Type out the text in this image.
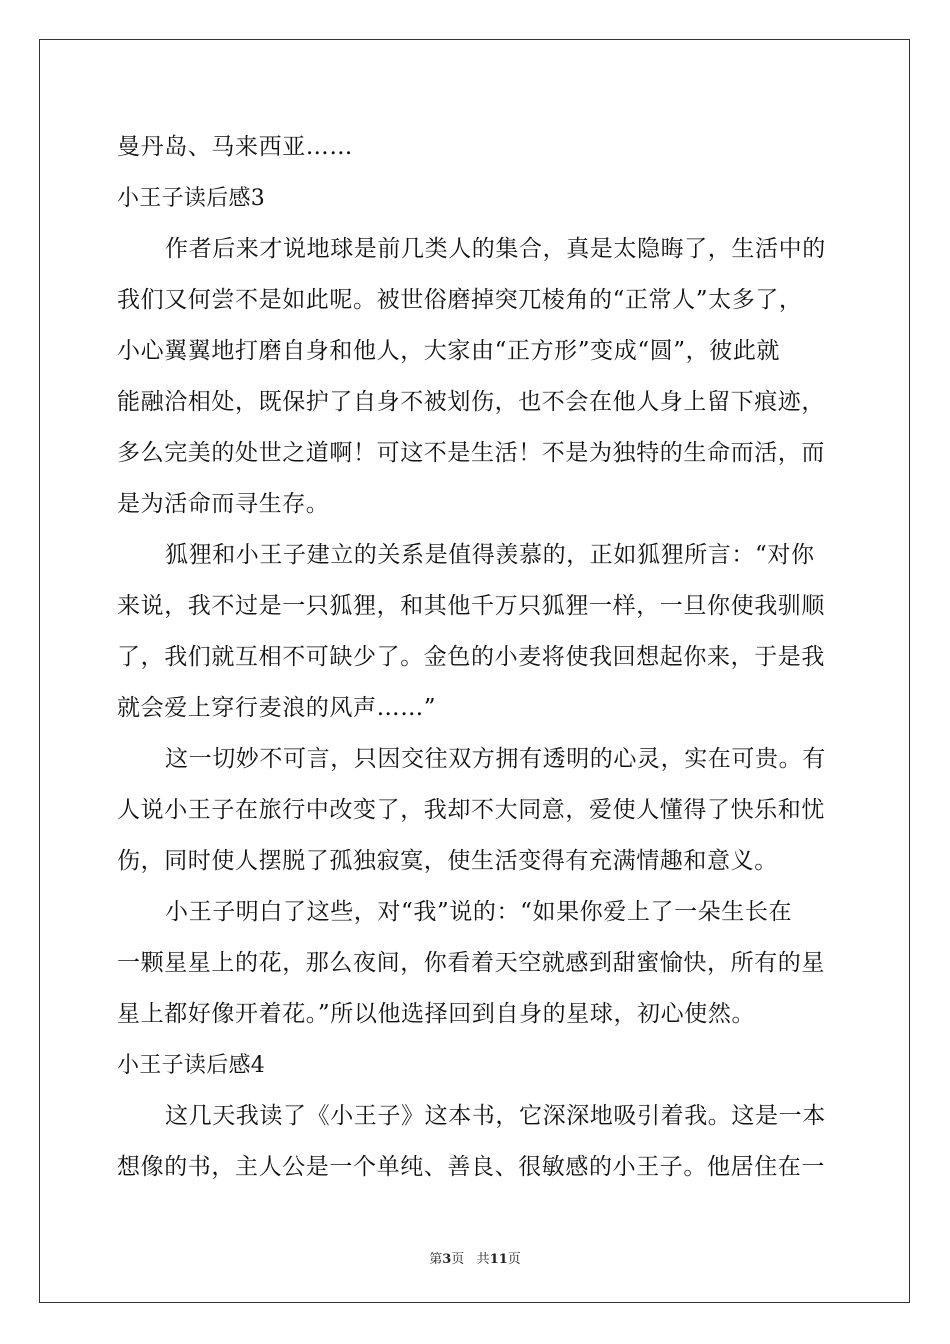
曼丹岛、马来西亚……
小王子读后感3
作者后来才说地球是前几类人的集合，真是太隐晦了，生活中的
我们又何尝不是如此呢。被世俗磨掉突兀棱角的“正常人”太多了，
小心翼翼地打磨自身和他人，大家由“正方形”变成“圆”，彼此就
能融洽相处，既保护了自身不被划伤，也不会在他人身上留下痕迹，
多么完美的处世之道啊！可这不是生活！不是为独特的生命而活，而
是为活命而寻生存。
狐狸和小王子建立的关系是值得羡慕的，正如狐狸所言：“对你
来说，我不过是一只狐狸，和其他千万只狐狸一样，一旦你使我驯顺
了，我们就互相不可缺少了。金色的小麦将使我回想起你来，于是我
就会爱上穿行麦浪的风声……”
这一切妙不可言，只因交往双方拥有透明的心灵，实在可贵。有
人说小王子在旅行中改变了，我却不大同意，爱使人懂得了快乐和忧
伤，同时使人摆脱了孤独寂寞，使生活变得有充满情趣和意义。
小王子明白了这些，对“我”说的：“如果你爱上了一朵生长在
一颗星星上的花，那么夜间，你看着天空就感到甜蜜愉快，所有的星
星上都好像开着花。”所以他选择回到自身的星球，初心使然。
小王子读后感4
这几天我读了《小王子》这本书，它深深地吸引着我。这是一本
想像的书，主人公是一个单纯、善良、很敏感的小王子。他居住在一
第3页 共11页
